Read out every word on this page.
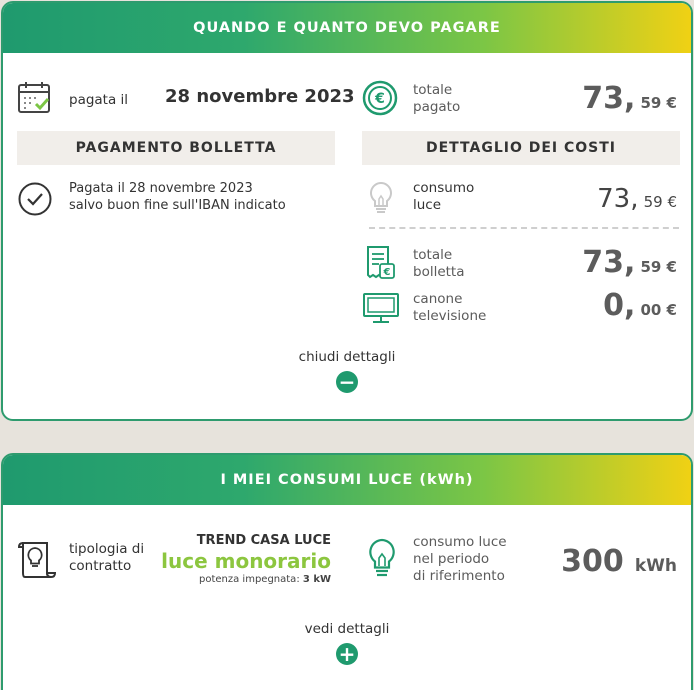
QUANDO E QUANTO DEVO PAGARE
pagata il 28 novembre 2023 €
totale
pagato	73, 59 €
PAGAMENTO BOLLETTA	DETTAGLIO DEI COSTI
Pagata il 28 novembre 2023
salvo buon fine sull'IBAN indicato
consumo
luce	73, 59 €
€
totale
bolletta	73, 59 €
canone
televisione	0, 00 €
chiudi dettagli
−
I MIEI CONSUMI LUCE (kWh)
tipologia di
contratto
TREND CASA LUCE
luce monorario
potenza impegnata: 3 kW
consumo luce
nel periodo
di riferimento 300 kWh
vedi dettagli
+
